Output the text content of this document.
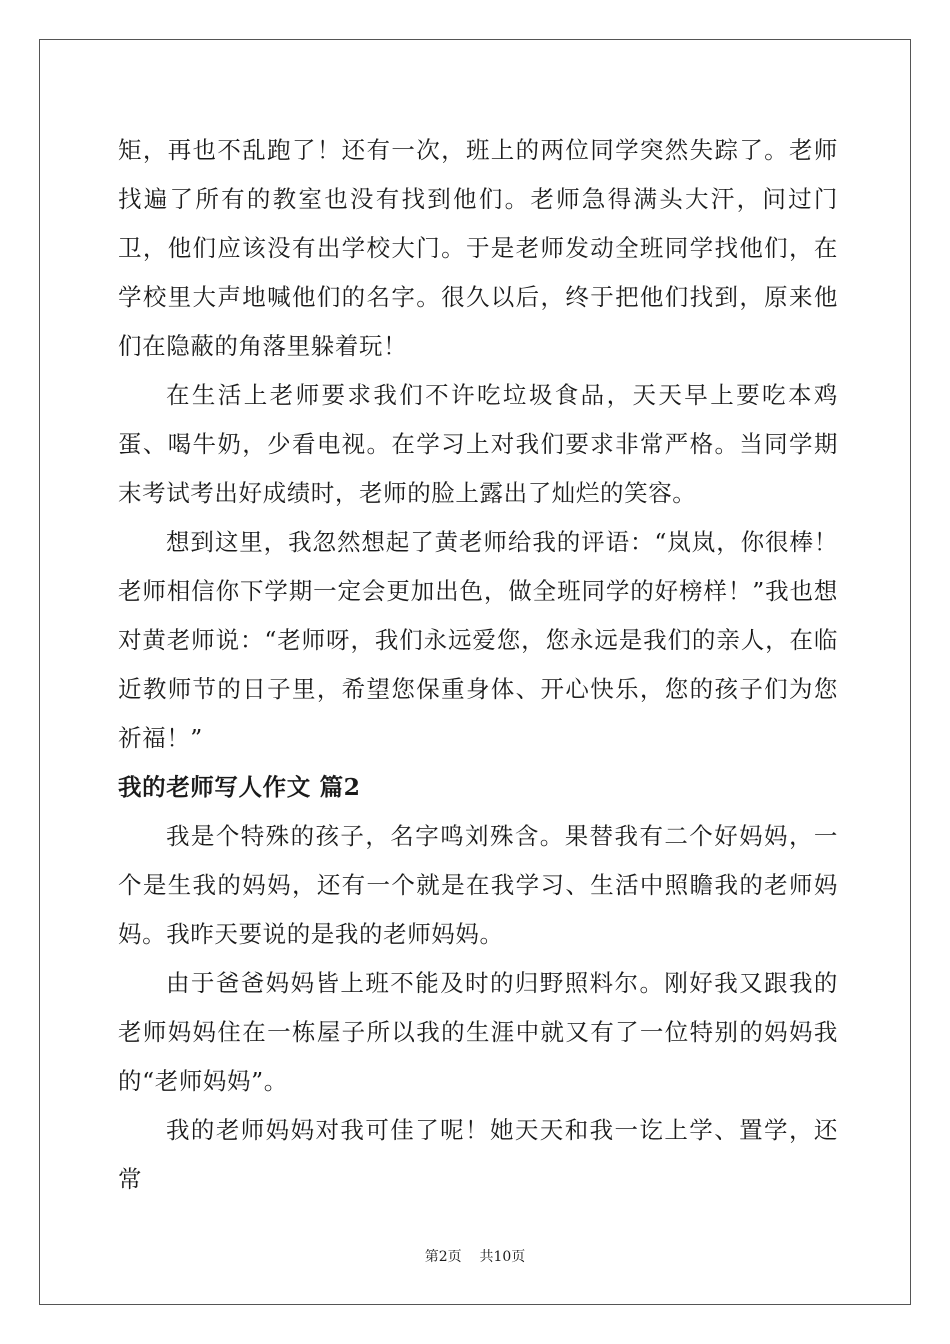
矩，再也不乱跑了！还有一次，班上的两位同学突然失踪了。老师找遍了所有的教室也没有找到他们。老师急得满头大汗，问过门卫，他们应该没有出学校大门。于是老师发动全班同学找他们，在学校里大声地喊他们的名字。很久以后，终于把他们找到，原来他们在隐蔽的角落里躲着玩！

在生活上老师要求我们不许吃垃圾食品，天天早上要吃本鸡蛋、喝牛奶，少看电视。在学习上对我们要求非常严格。当同学期末考试考出好成绩时，老师的脸上露出了灿烂的笑容。

想到这里，我忽然想起了黄老师给我的评语：“岚岚，你很棒！老师相信你下学期一定会更加出色，做全班同学的好榜样！”我也想对黄老师说：“老师呀，我们永远爱您，您永远是我们的亲人，在临近教师节的日子里，希望您保重身体、开心快乐，您的孩子们为您祈福！”

我的老师写人作文 篇2

我是个特殊的孩子，名字鸣刘殊含。果替我有二个好妈妈，一个是生我的妈妈，还有一个就是在我学习、生活中照瞻我的老师妈妈。我昨天要说的是我的老师妈妈。

由于爸爸妈妈皆上班不能及时的归野照料尔。刚好我又跟我的老师妈妈住在一栋屋子所以我的生涯中就又有了一位特别的妈妈我的“老师妈妈”。

我的老师妈妈对我可佳了呢！她天天和我一讫上学、置学，还常

第2页    共10页
